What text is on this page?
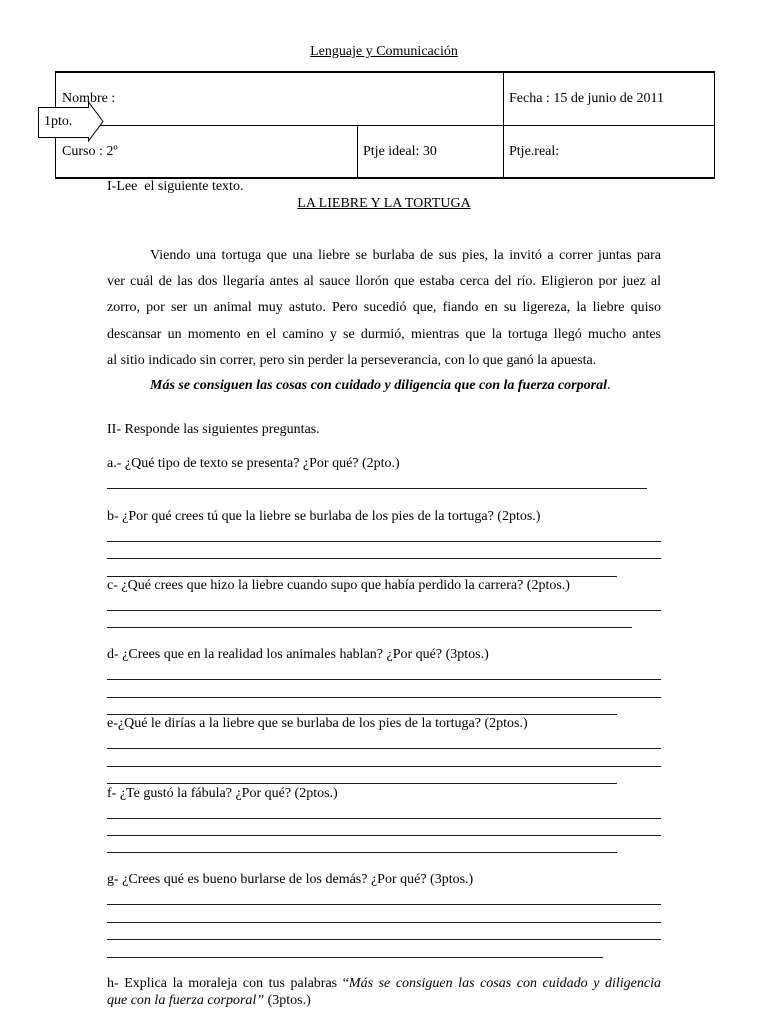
Lenguaje y Comunicación
Nombre :	Fecha : 15 de junio de 2011
Curso : 2º	Ptje ideal: 30	Ptje.real:
1pto.
I-Lee  el siguiente texto.
LA LIEBRE Y LA TORTUGA
Viendo una tortuga que una liebre se burlaba de sus pies, la invitó a correr juntas para
ver cuál de las dos llegaría antes al sauce llorón que estaba cerca del río. Eligieron por juez al
zorro, por ser un animal muy astuto. Pero sucedió que, fiando en su ligereza, la liebre quiso
descansar un momento en el camino y se durmió, mientras que la tortuga llegó mucho antes
al sitio indicado sin correr, pero sin perder la perseverancia, con lo que ganó la apuesta.
Más se consiguen las cosas con cuidado y diligencia que con la fuerza corporal.
II- Responde las siguientes preguntas.
a.- ¿Qué tipo de texto se presenta? ¿Por qué? (2pto.)
b- ¿Por qué crees tú que la liebre se burlaba de los pies de la tortuga? (2ptos.)
c- ¿Qué crees que hizo la liebre cuando supo que había perdido la carrera? (2ptos.)
d- ¿Crees que en la realidad los animales hablan? ¿Por qué? (3ptos.)
e-¿Qué le dirías a la liebre que se burlaba de los pies de la tortuga? (2ptos.)
f- ¿Te gustó la fábula? ¿Por qué? (2ptos.)
g- ¿Crees qué es bueno burlarse de los demás? ¿Por qué? (3ptos.)
h- Explica la moraleja con tus palabras “Más se consiguen las cosas con cuidado y diligencia
que con la fuerza corporal” (3ptos.)
